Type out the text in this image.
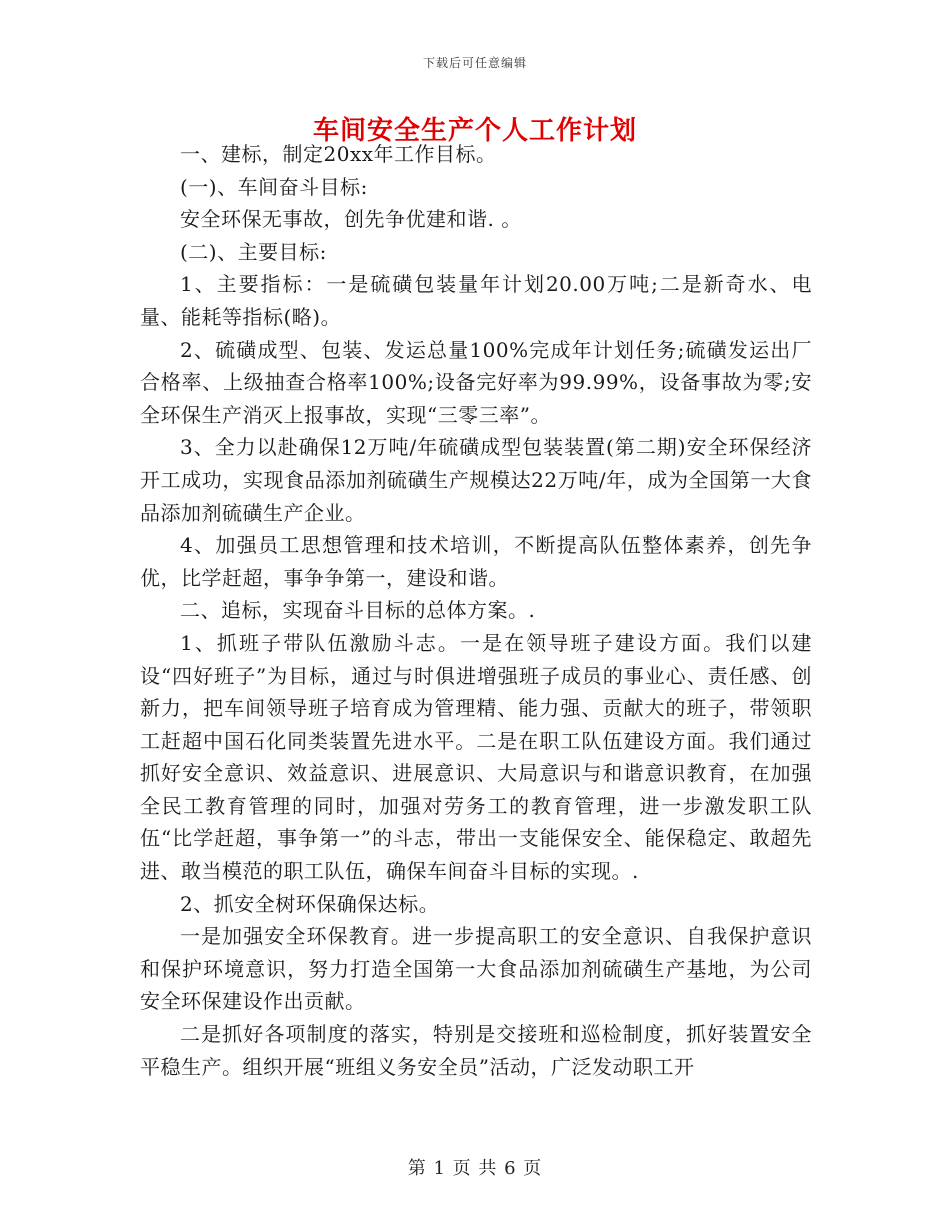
下载后可任意编辑
车间安全生产个人工作计划

一、建标，制定20xx年工作目标。

(一)、车间奋斗目标:

安全环保无事故，创先争优建和谐. 。

(二)、主要目标:

1、主要指标：一是硫磺包装量年计划20.00万吨;二是新奇水、电量、能耗等指标(略)。

2、硫磺成型、包装、发运总量100%完成年计划任务;硫磺发运出厂合格率、上级抽查合格率100%;设备完好率为99.99%，设备事故为零;安全环保生产消灭上报事故，实现“三零三率”。

3、全力以赴确保12万吨/年硫磺成型包装装置(第二期)安全环保经济开工成功，实现食品添加剂硫磺生产规模达22万吨/年，成为全国第一大食品添加剂硫磺生产企业。

4、加强员工思想管理和技术培训，不断提高队伍整体素养，创先争优，比学赶超，事争争第一，建设和谐。

二、追标，实现奋斗目标的总体方案。.

1、抓班子带队伍激励斗志。一是在领导班子建设方面。我们以建设“四好班子”为目标，通过与时俱进增强班子成员的事业心、责任感、创新力，把车间领导班子培育成为管理精、能力强、贡献大的班子，带领职工赶超中国石化同类装置先进水平。二是在职工队伍建设方面。我们通过抓好安全意识、效益意识、进展意识、大局意识与和谐意识教育，在加强全民工教育管理的同时，加强对劳务工的教育管理，进一步激发职工队伍“比学赶超，事争第一”的斗志，带出一支能保安全、能保稳定、敢超先进、敢当模范的职工队伍，确保车间奋斗目标的实现。.

2、抓安全树环保确保达标。

一是加强安全环保教育。进一步提高职工的安全意识、自我保护意识和保护环境意识，努力打造全国第一大食品添加剂硫磺生产基地，为公司安全环保建设作出贡献。

二是抓好各项制度的落实，特别是交接班和巡检制度，抓好装置安全平稳生产。组织开展“班组义务安全员”活动，广泛发动职工开

第 1 页 共 6 页
